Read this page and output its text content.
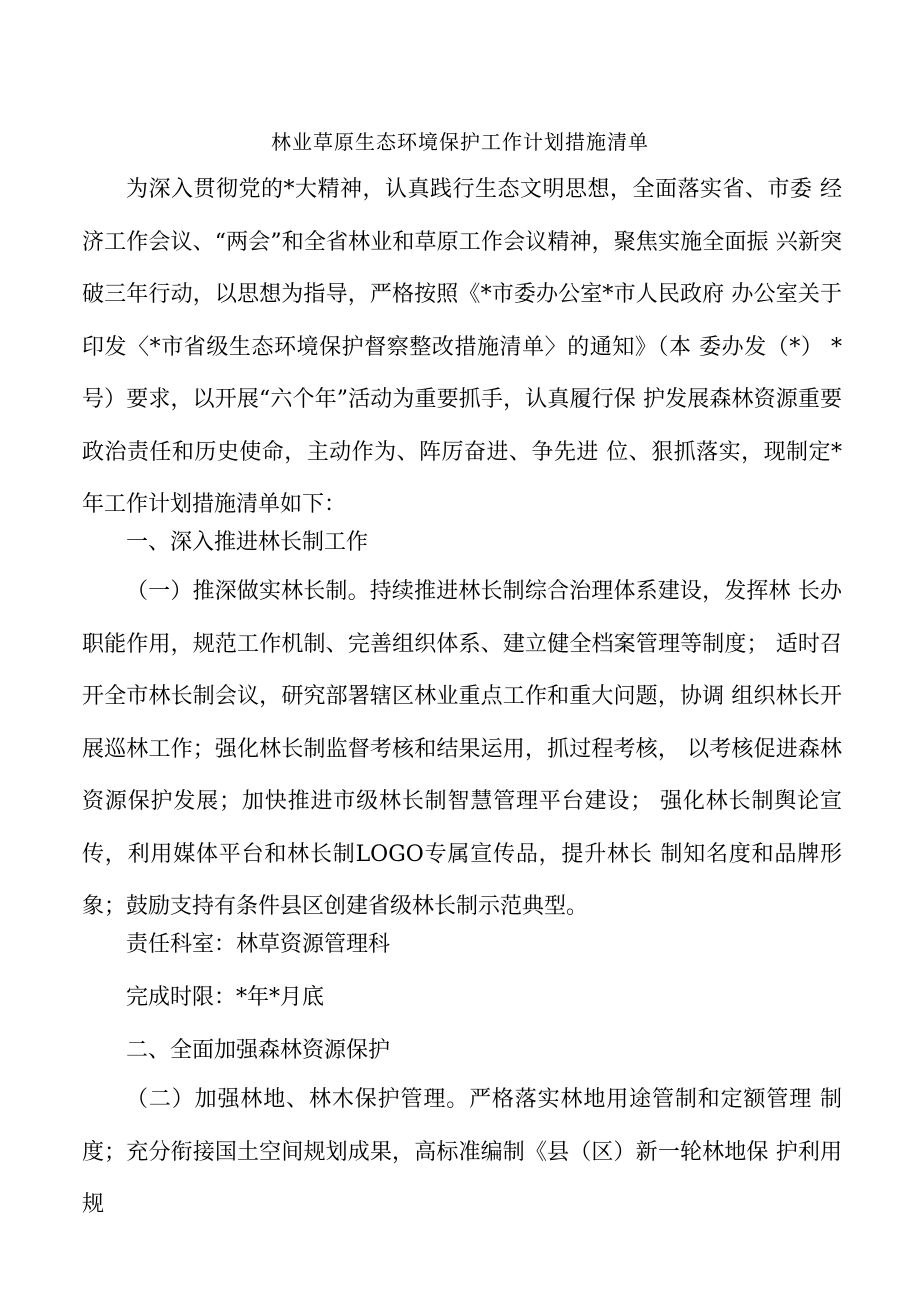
林业草原生态环境保护工作计划措施清单

为深入贯彻党的*大精神，认真践行生态文明思想，全面落实省、市委 经济工作会议、“两会”和全省林业和草原工作会议精神，聚焦实施全面振 兴新突破三年行动，以思想为指导，严格按照《*市委办公室*市人民政府 办公室关于印发〈*市省级生态环境保护督察整改措施清单〉的通知》（本 委办发（*） *号）要求，以开展“六个年”活动为重要抓手，认真履行保 护发展森林资源重要政治责任和历史使命，主动作为、阵厉奋进、争先进 位、狠抓落实，现制定*年工作计划措施清单如下：

一、深入推进林长制工作

（一）推深做实林长制。持续推进林长制综合治理体系建设，发挥林 长办职能作用，规范工作机制、完善组织体系、建立健全档案管理等制度； 适时召开全市林长制会议，研究部署辖区林业重点工作和重大问题，协调 组织林长开展巡林工作；强化林长制监督考核和结果运用，抓过程考核， 以考核促进森林资源保护发展；加快推进市级林长制智慧管理平台建设； 强化林长制舆论宣传，利用媒体平台和林长制LOGO专属宣传品，提升林长 制知名度和品牌形象；鼓励支持有条件县区创建省级林长制示范典型。

责任科室：林草资源管理科
完成时限：*年*月底
二、全面加强森林资源保护

（二）加强林地、林木保护管理。严格落实林地用途管制和定额管理 制度；充分衔接国土空间规划成果，高标准编制《县（区）新一轮林地保 护利用规
